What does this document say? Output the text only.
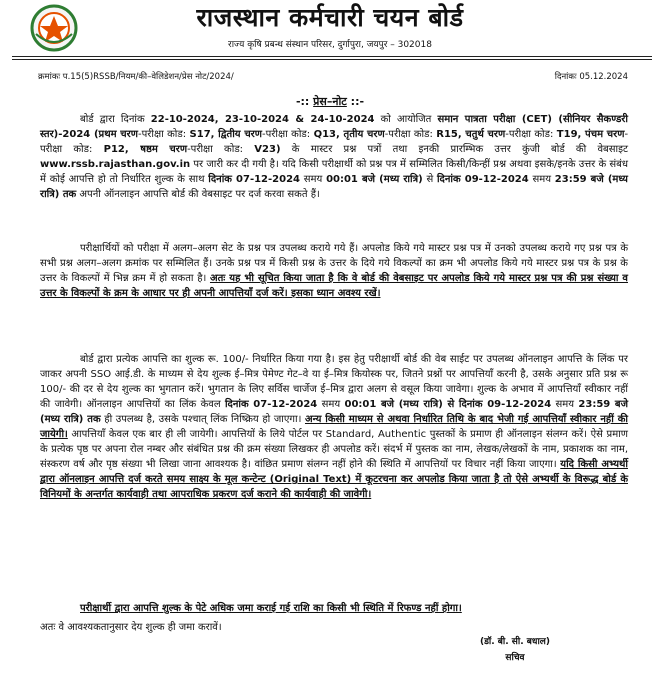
राजस्थान कर्मचारी चयन बोर्ड
राज्य कृषि प्रबन्ध संस्थान परिसर, दुर्गापुरा, जयपुर – 302018
क्रमांकः प.15(5)RSSB/नियम/की–वेलिडेशन/प्रेस नोट/2024/	दिनांकः 05.12.2024
-:: प्रेस–नोट ::-
बोर्ड द्वारा दिनांक 22-10-2024, 23-10-2024 & 24-10-2024 को आयोजित समान पात्रता परीक्षा (CET) (सीनियर सैकण्डरी स्तर)-2024 (प्रथम चरण-परीक्षा कोड: S17, द्वितीय चरण-परीक्षा कोड: Q13, तृतीय चरण-परीक्षा कोड: R15, चतुर्थ चरण-परीक्षा कोड: T19, पंचम चरण-परीक्षा कोड: P12, षष्ठम चरण-परीक्षा कोड: V23) के मास्टर प्रश्न पत्रों तथा इनकी प्रारम्भिक उत्तर कुंजी बोर्ड की वेबसाइट www.rssb.rajasthan.gov.in पर जारी कर दी गयी है। यदि किसी परीक्षार्थी को प्रश्न पत्र में सम्मिलित किसी/किन्हीं प्रश्न अथवा इसके/इनके उत्तर के संबंध में कोई आपत्ति हो तो निर्धारित शुल्क के साथ दिनांक 07-12-2024 समय 00:01 बजे (मध्य रात्रि) से दिनांक 09-12-2024 समय 23:59 बजे (मध्य रात्रि) तक अपनी ऑनलाइन आपत्ति बोर्ड की वेबसाइट पर दर्ज करवा सकते हैं।
परीक्षार्थियों को परीक्षा में अलग–अलग सेट के प्रश्न पत्र उपलब्ध कराये गये हैं। अपलोड किये गये मास्टर प्रश्न पत्र में उनको उपलब्ध कराये गए प्रश्न पत्र के सभी प्रश्न अलग–अलग क्रमांक पर सम्मिलित हैं। उनके प्रश्न पत्र में किसी प्रश्न के उत्तर के दिये गये विकल्पों का क्रम भी अपलोड किये गये मास्टर प्रश्न पत्र के प्रश्न के उत्तर के विकल्पों में भिन्न क्रम में हो सकता है। अतः यह भी सूचित किया जाता है कि वे बोर्ड की वेबसाइट पर अपलोड किये गये मास्टर प्रश्न पत्र की प्रश्न संख्या व उत्तर के विकल्पों के क्रम के आधार पर ही अपनी आपत्तियाँ दर्ज करें। इसका ध्यान अवश्य रखें।
बोर्ड द्वारा प्रत्येक आपत्ति का शुल्क रू. 100/- निर्धारित किया गया है। इस हेतु परीक्षार्थी बोर्ड की वेब साईट पर उपलब्ध ऑनलाइन आपत्ति के लिंक पर जाकर अपनी SSO आई.डी. के माध्यम से देय शुल्क ई–मित्र पेमेण्ट गेट–वे या ई–मित्र कियोस्क पर, जितने प्रश्नों पर आपत्तियाँ करनी है, उसके अनुसार प्रति प्रश्न रू 100/- की दर से देय शुल्क का भुगतान करें। भुगतान के लिए सर्विस चार्जेज ई–मित्र द्वारा अलग से वसूल किया जावेगा। शुल्क के अभाव में आपत्तियाँ स्वीकार नहीं की जावेगी। ऑनलाइन आपत्तियों का लिंक केवल दिनांक 07-12-2024 समय 00:01 बजे (मध्य रात्रि) से दिनांक 09-12-2024 समय 23:59 बजे (मध्य रात्रि) तक ही उपलब्ध है, उसके पश्चात् लिंक निष्क्रिय हो जाएगा। अन्य किसी माध्यम से अथवा निर्धारित तिथि के बाद भेजी गई आपत्तियाँ स्वीकार नहीं की जायेगी। आपत्तियाँ केवल एक बार ही ली जायेगी। आपत्तियों के लिये पोर्टल पर Standard, Authentic पुस्तकों के प्रमाण ही ऑनलाइन संलग्न करें। ऐसे प्रमाण के प्रत्येक पृष्ठ पर अपना रोल नम्बर और संबंधित प्रश्न की क्रम संख्या लिखकर ही अपलोड करें। संदर्भ में पुस्तक का नाम, लेखक/लेखकों के नाम, प्रकाशक का नाम, संस्करण वर्ष और पृष्ठ संख्या भी लिखा जाना आवश्यक है। वांछित प्रमाण संलग्न नहीं होने की स्थिति में आपत्तियों पर विचार नहीं किया जाएगा। यदि किसी अभ्यर्थी द्वारा ऑनलाइन आपत्ति दर्ज करते समय साक्ष्य के मूल कन्टेन्ट (Original Text) में कूटरचना कर अपलोड किया जाता है तो ऐसे अभ्यर्थी के विरूद्ध बोर्ड के विनियमों के अन्तर्गत कार्यवाही तथा आपराधिक प्रकरण दर्ज कराने की कार्यवाही की जावेगी।
परीक्षार्थी द्वारा आपत्ति शुल्क के पेटे अधिक जमा कराई गई राशि का किसी भी स्थिति में रिफण्ड नहीं होगा।
अतः वे आवश्यकतानुसार देय शुल्क ही जमा करावें।
(डॉ. बी. सी. बधाल)
सचिव
